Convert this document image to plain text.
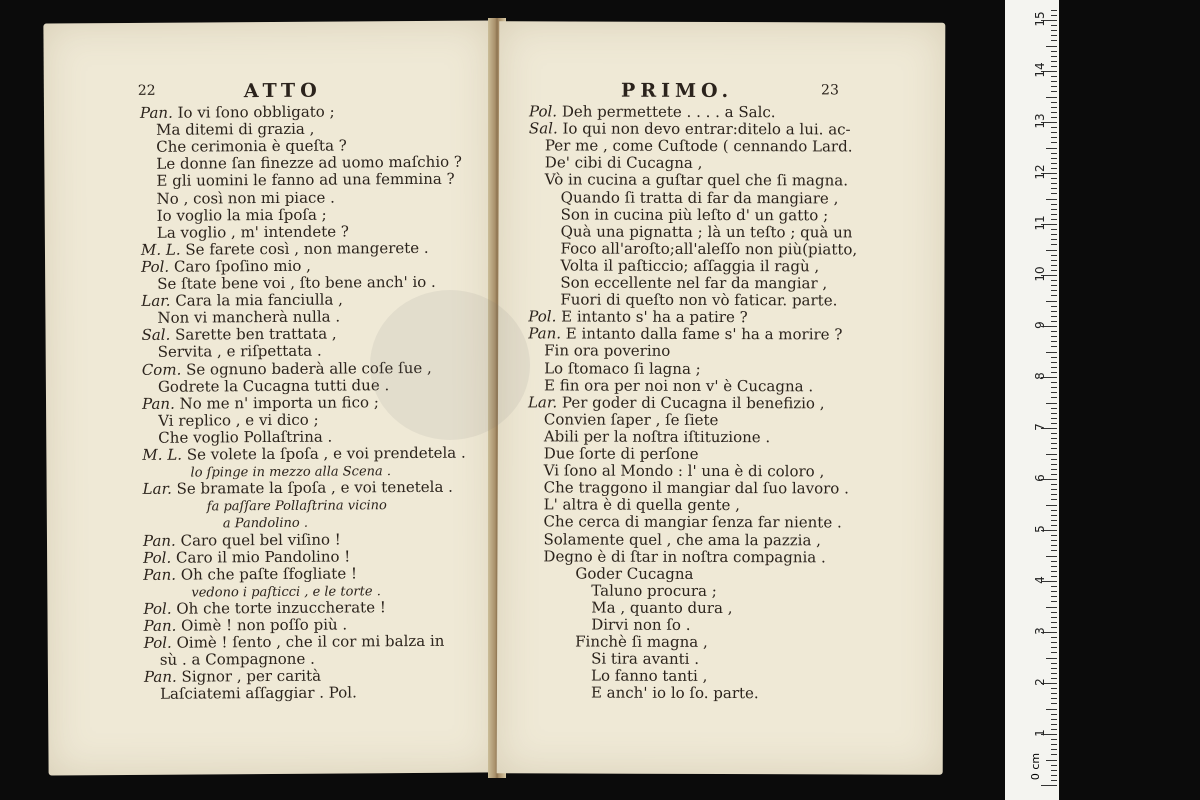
22	ATTO
Pan. Io vi ſono obbligato ;
Ma ditemi di grazia ,
Che cerimonia è queſta ?
Le donne ſan finezze ad uomo maſchio ?
E gli uomini le fanno ad una femmina ?
No , così non mi piace .
Io voglio la mia ſpoſa ;
La voglio , m' intendete ?
M. L. Se farete così , non mangerete .
Pol. Caro ſpoſino mio ,
Se ſtate bene voi , ſto bene anch' io .
Lar. Cara la mia fanciulla ,
Non vi mancherà nulla .
Sal. Sarette ben trattata ,
Servita , e riſpettata .
Com. Se ognuno baderà alle coſe ſue ,
Godrete la Cucagna tutti due .
Pan. No me n' importa un fico ;
Vi replico , e vi dico ;
Che voglio Pollaſtrina .
M. L. Se volete la ſpoſa , e voi prendetela .
lo ſpinge in mezzo alla Scena .
Lar. Se bramate la ſpoſa , e voi tenetela .
fa paſſare Pollaſtrina vicino
a Pandolino .
Pan. Caro quel bel viſino !
Pol. Caro il mio Pandolino !
Pan. Oh che paſte ſfogliate !
vedono i paſticci , e le torte .
Pol. Oh che torte inzuccherate !
Pan. Oimè ! non poſſo più .
Pol. Oimè ! ſento , che il cor mi balza in
sù . a Compagnone .
Pan. Signor , per carità
Laſciatemi aſſaggiar . Pol.
PRIMO.	23
Pol. Deh permettete . . . . a Salc.
Sal. Io qui non devo entrar:ditelo a lui. ac-
Per me , come Cuſtode ( cennando Lard.
De' cibi di Cucagna ,
Vò in cucina a guſtar quel che ſi magna.
Quando ſi tratta di far da mangiare ,
Son in cucina più leſto d' un gatto ;
Quà una pignatta ; là un teſto ; quà un
Foco all'aroſto;all'aleſſo non più(piatto,
Volta il paſticcio; aſſaggia il ragù ,
Son eccellente nel far da mangiar ,
Fuori di queſto non vò faticar. parte.
Pol. E intanto s' ha a patire ?
Pan. E intanto dalla fame s' ha a morire ?
Fin ora poverino
Lo ſtomaco ſi lagna ;
E fin ora per noi non v' è Cucagna .
Lar. Per goder di Cucagna il benefizio ,
Convien ſaper , ſe ſiete
Abili per la noſtra iſtituzione .
Due ſorte di perſone
Vi ſono al Mondo : l' una è di coloro ,
Che traggono il mangiar dal ſuo lavoro .
L' altra è di quella gente ,
Che cerca di mangiar ſenza far niente .
Solamente quel , che ama la pazzia ,
Degno è di ſtar in noſtra compagnia .
Goder Cucagna
Taluno procura ;
Ma , quanto dura ,
Dirvi non ſo .
Finchè ſi magna ,
Si tira avanti .
Lo fanno tanti ,
E anch' io lo ſo. parte.
0 cm
1
2
3
4
5
6
7
8
9
10
11
12
13
14
15
